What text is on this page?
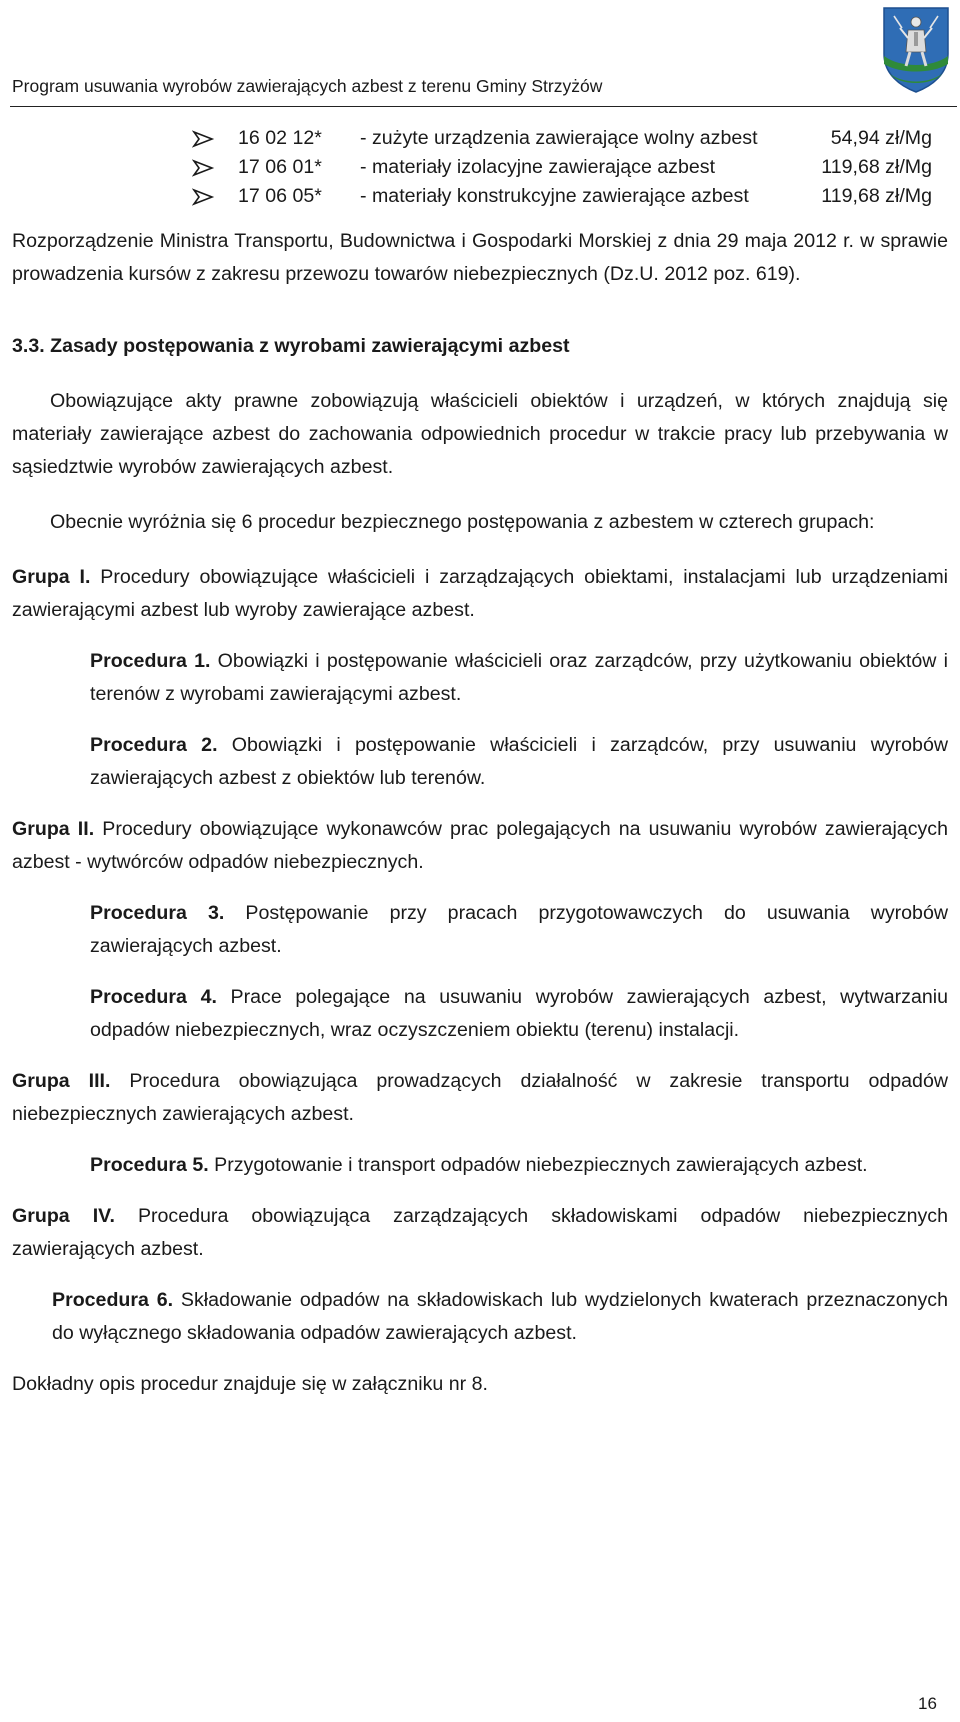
Program usuwania wyrobów zawierających azbest z terenu Gminy Strzyżów
16 02 12*	- zużyte urządzenia zawierające wolny azbest	54,94 zł/Mg
17 06 01*	- materiały izolacyjne zawierające azbest	119,68 zł/Mg
17 06 05*	- materiały konstrukcyjne zawierające azbest	119,68 zł/Mg

Rozporządzenie Ministra Transportu, Budownictwa i Gospodarki Morskiej z dnia 29 maja 2012 r. w sprawie prowadzenia kursów z zakresu przewozu towarów niebezpiecznych (Dz.U. 2012 poz. 619).

3.3. Zasady postępowania z wyrobami zawierającymi azbest

Obowiązujące akty prawne zobowiązują właścicieli obiektów i urządzeń, w których znajdują się materiały zawierające azbest do zachowania odpowiednich procedur w trakcie pracy lub przebywania w sąsiedztwie wyrobów zawierających azbest.

Obecnie wyróżnia się 6 procedur bezpiecznego postępowania z azbestem w czterech grupach:

Grupa I. Procedury obowiązujące właścicieli i zarządzających obiektami, instalacjami lub urządzeniami zawierającymi azbest lub wyroby zawierające azbest.

Procedura 1. Obowiązki i postępowanie właścicieli oraz zarządców, przy użytkowaniu obiektów i terenów z wyrobami zawierającymi azbest.

Procedura 2. Obowiązki i postępowanie właścicieli i zarządców, przy usuwaniu wyrobów zawierających azbest z obiektów lub terenów.

Grupa II. Procedury obowiązujące wykonawców prac polegających na usuwaniu wyrobów zawierających azbest - wytwórców odpadów niebezpiecznych.

Procedura 3. Postępowanie przy pracach przygotowawczych do usuwania wyrobów zawierających azbest.

Procedura 4. Prace polegające na usuwaniu wyrobów zawierających azbest, wytwarzaniu odpadów niebezpiecznych, wraz oczyszczeniem obiektu (terenu) instalacji.

Grupa III. Procedura obowiązująca prowadzących działalność w zakresie transportu odpadów niebezpiecznych zawierających azbest.

Procedura 5. Przygotowanie i transport odpadów niebezpiecznych zawierających azbest.

Grupa IV. Procedura obowiązująca zarządzających składowiskami odpadów niebezpiecznych zawierających azbest.

Procedura 6. Składowanie odpadów na składowiskach lub wydzielonych kwaterach przeznaczonych do wyłącznego składowania odpadów zawierających azbest.

Dokładny opis procedur znajduje się w załączniku nr 8.

16
